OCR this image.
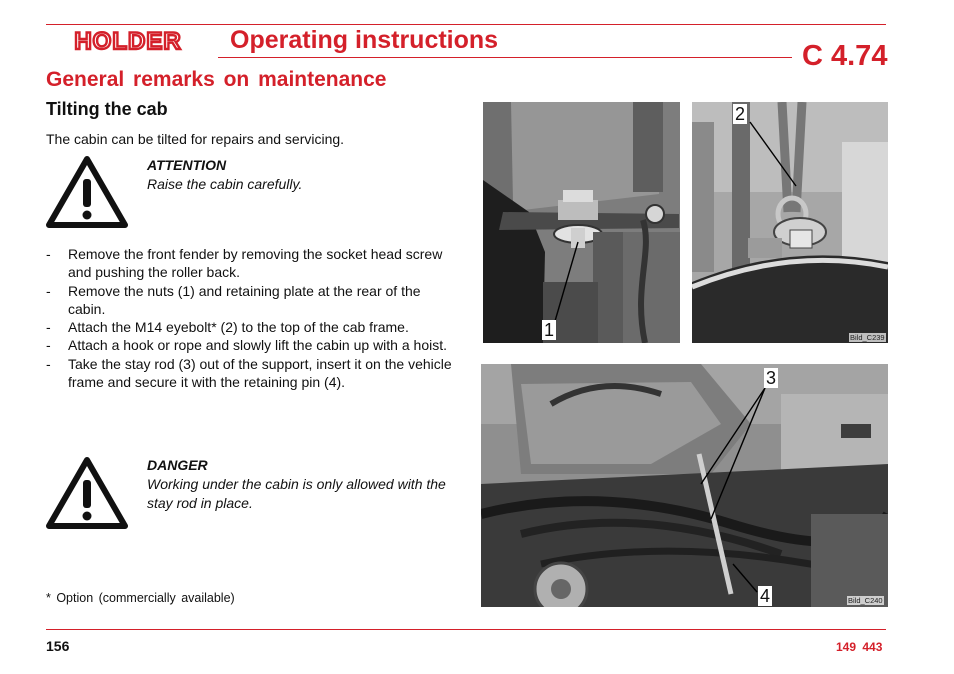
HOLDER Operating instructions	C 4.74
General remarks on maintenance
Tilting the cab
The cabin can be tilted for repairs and servicing.
ATTENTION
Raise the cabin carefully.
- Remove the front fender by removing the socket head screw and pushing the roller back.
- Remove the nuts (1) and retaining plate at the rear of the cabin.
- Attach the M14 eyebolt* (2) to the top of the cab frame.
- Attach a hook or rope and slowly lift the cabin up with a hoist.
- Take the stay rod (3) out of the support, insert it on the vehicle frame and secure it with the retaining pin (4).
DANGER
Working under the cabin is only allowed with the stay rod in place.
* Option (commercially available)
1
2
Bild_C239
3
4	Bild_C240
156	149 443
